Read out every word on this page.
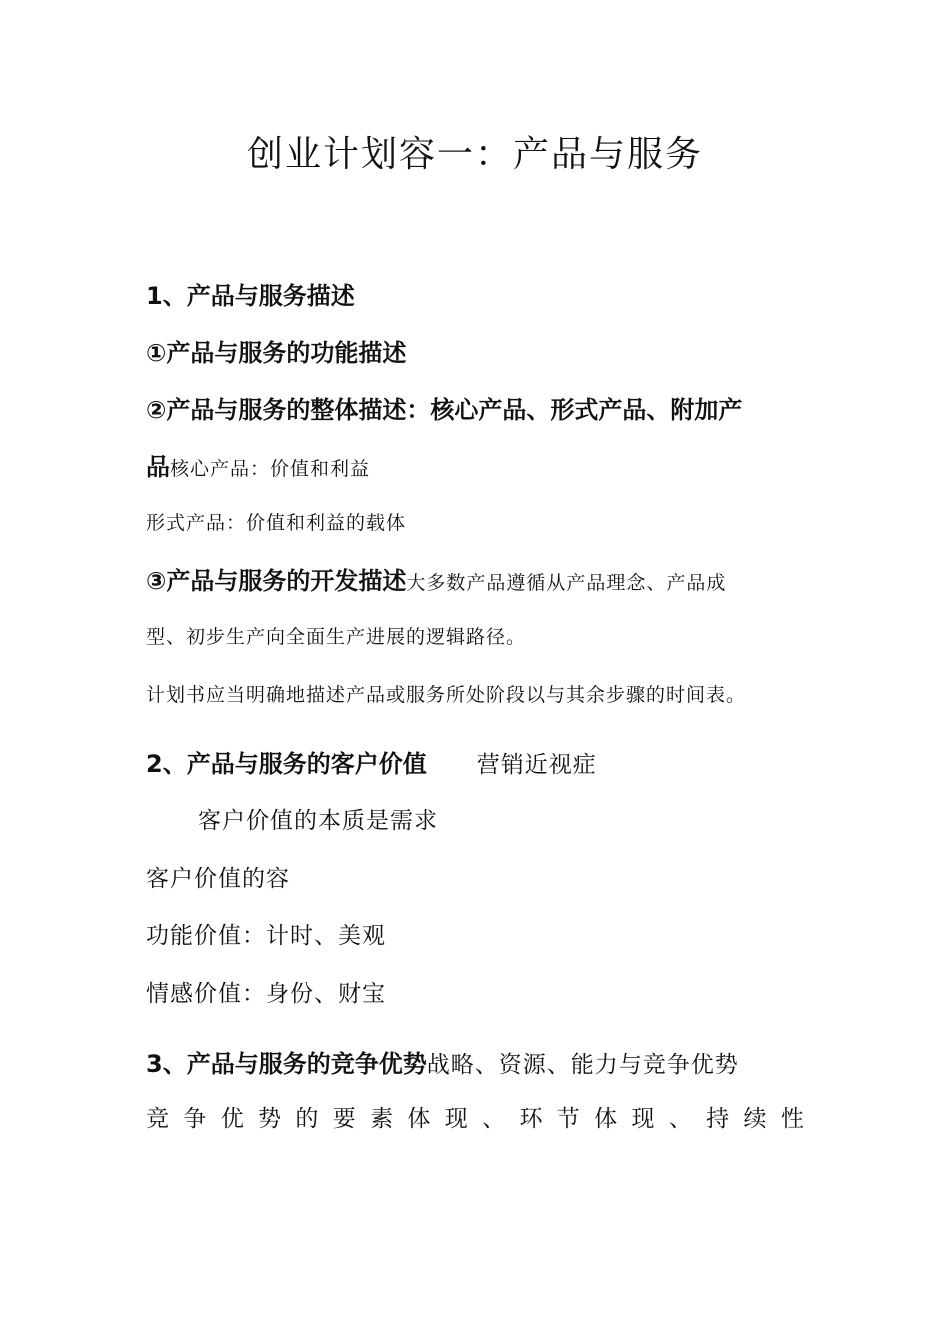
创业计划容一：产品与服务
1、产品与服务描述
①产品与服务的功能描述
②产品与服务的整体描述：核心产品、形式产品、附加产
品核心产品：价值和利益
形式产品：价值和利益的载体
③产品与服务的开发描述大多数产品遵循从产品理念、产品成
型、初步生产向全面生产进展的逻辑路径。
计划书应当明确地描述产品或服务所处阶段以与其余步骤的时间表。
2、产品与服务的客户价值 营销近视症
客户价值的本质是需求
客户价值的容
功能价值：计时、美观
情感价值：身份、财宝
3、产品与服务的竞争优势战略、资源、能力与竞争优势
竞 争 优 势 的 要 素 体 现 、 环 节 体 现 、 持 续 性
